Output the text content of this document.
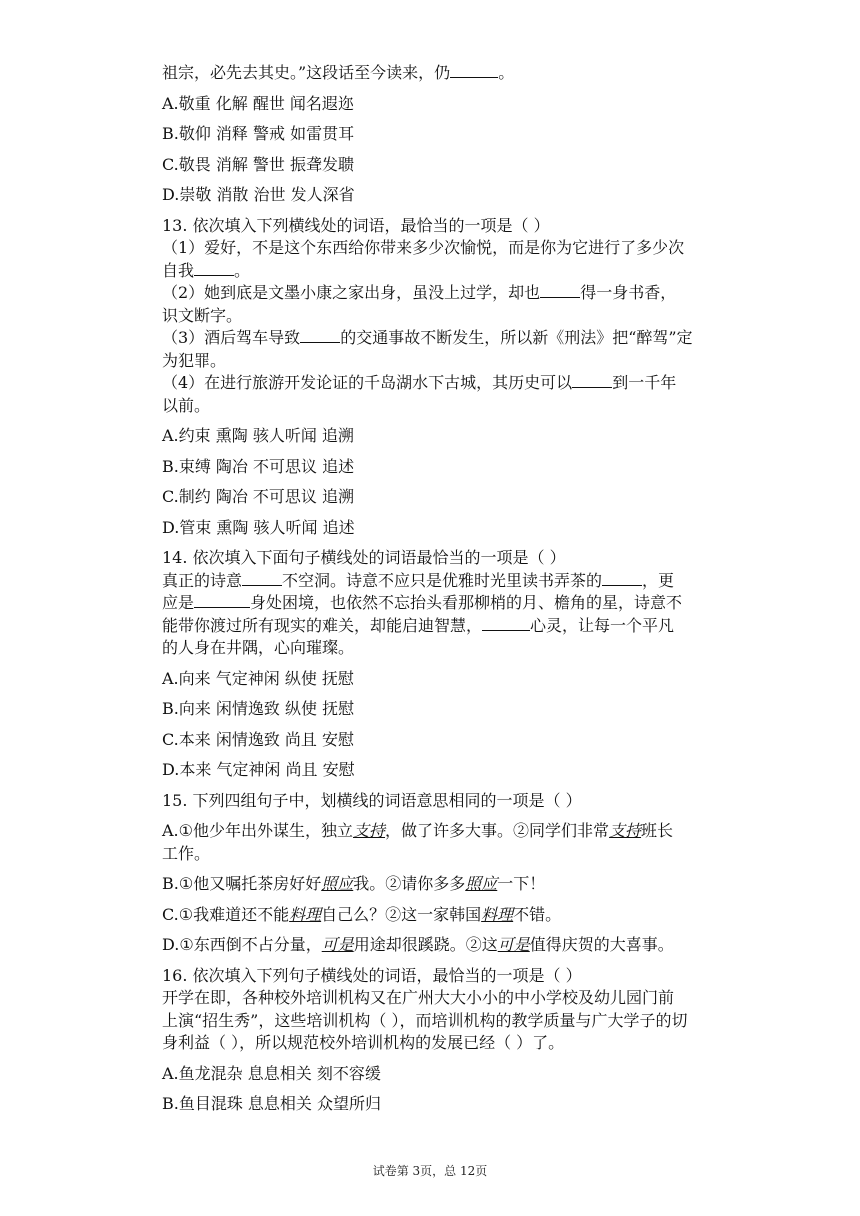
祖宗，必先去其史。”这段话至今读来，仍	。
A.敬重 化解 醒世 闻名遐迩
B.敬仰 消释 警戒 如雷贯耳
C.敬畏 消解 警世 振聋发聩
D.崇敬 消散 治世 发人深省
13. 依次填入下列横线处的词语，最恰当的一项是（ ）
（1）爱好，不是这个东西给你带来多少次愉悦，而是你为它进行了多少次
自我	。
（2）她到底是文墨小康之家出身，虽没上过学，却也	得一身书香，
识文断字。
（3）酒后驾车导致	的交通事故不断发生，所以新《刑法》把“醉驾”定
为犯罪。
（4）在进行旅游开发论证的千岛湖水下古城，其历史可以	到一千年
以前。
A.约束 熏陶 骇人听闻 追溯
B.束缚 陶冶 不可思议 追述
C.制约 陶冶 不可思议 追溯
D.管束 熏陶 骇人听闻 追述
14. 依次填入下面句子横线处的词语最恰当的一项是（ ）
真正的诗意	不空洞。诗意不应只是优雅时光里读书弄茶的	，更
应是	身处困境，也依然不忘抬头看那柳梢的月、檐角的星，诗意不
能带你渡过所有现实的难关，却能启迪智慧，	心灵，让每一个平凡
的人身在井隅，心向璀璨。
A.向来 气定神闲 纵使 抚慰
B.向来 闲情逸致 纵使 抚慰
C.本来 闲情逸致 尚且 安慰
D.本来 气定神闲 尚且 安慰
15. 下列四组句子中，划横线的词语意思相同的一项是（ ）
A.①他少年出外谋生，独立支持，做了许多大事。②同学们非常支持班长
工作。
B.①他又嘱托茶房好好照应我。②请你多多照应一下！
C.①我难道还不能料理自己么？②这一家韩国料理不错。
D.①东西倒不占分量，可是用途却很蹊跷。②这可是值得庆贺的大喜事。
16. 依次填入下列句子横线处的词语，最恰当的一项是（ ）
开学在即，各种校外培训机构又在广州大大小小的中小学校及幼儿园门前
上演“招生秀”，这些培训机构（ ），而培训机构的教学质量与广大学子的切
身利益（ ），所以规范校外培训机构的发展已经（ ）了。
A.鱼龙混杂 息息相关 刻不容缓
B.鱼目混珠 息息相关 众望所归
试卷第 3页，总 12页
